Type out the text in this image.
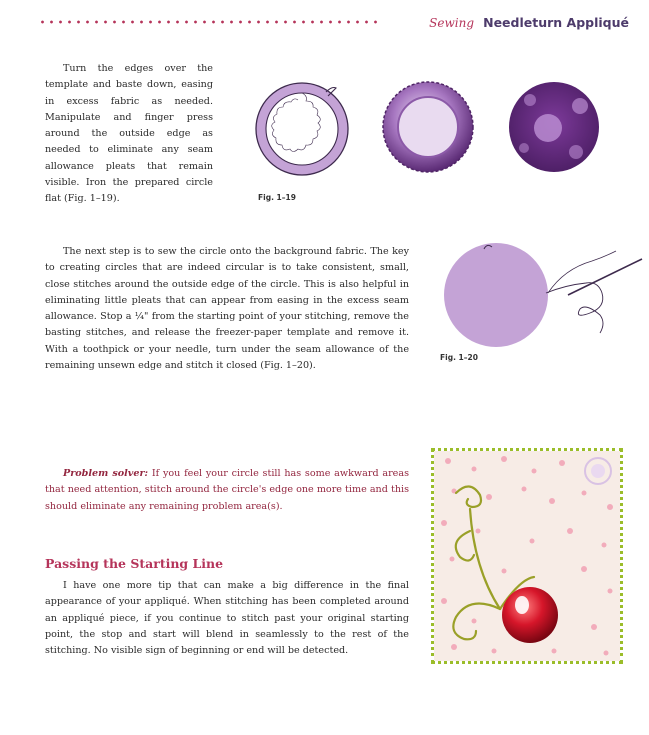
Sewing Needleturn Appliqué

Turn the edges over the template and baste down, easing in excess fabric as needed. Manipulate and finger press around the outside edge as needed to eliminate any seam allowance pleats that remain visible. Iron the prepared circle flat (Fig. 1–19).	Fig. 1–19

The next step is to sew the circle onto the background fabric. The key to creating circles that are indeed circular is to take consistent, small, close stitches around the outside edge of the circle. This is also helpful in eliminating little pleats that can appear from easing in the excess seam allowance. Stop a ¼" from the starting point of your stitching, remove the basting stitches, and release the freezer-paper template and remove it. With a toothpick or your needle, turn under the seam allowance of the remaining unsewn edge and stitch it closed (Fig. 1–20).

Fig. 1–20

Problem solver: If you feel your circle still has some awkward areas that need attention, stitch around the circle's edge one more time and this should eliminate any remaining problem area(s).

Passing the Starting Line

I have one more tip that can make a big difference in the final appearance of your appliqué. When stitching has been completed around an appliqué piece, if you continue to stitch past your original starting point, the stop and start will blend in seamlessly to the rest of the stitching. No visible sign of beginning or end will be detected.
